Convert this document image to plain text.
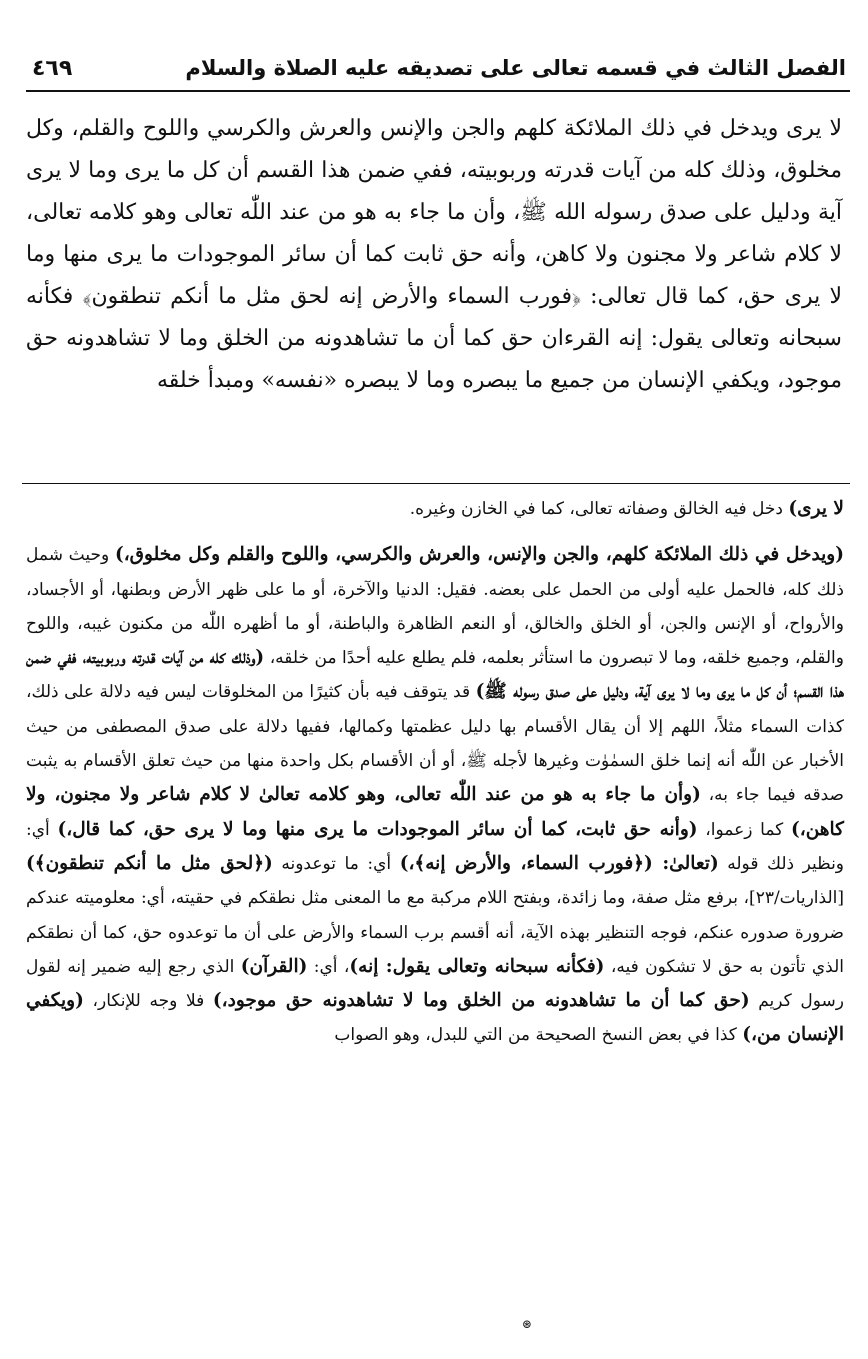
الفصل الثالث في قسمه تعالى على تصديقه عليه الصلاة والسلام
٤٦٩

لا يرى ويدخل في ذلك الملائكة كلهم والجن والإنس والعرش والكرسي واللوح والقلم، وكل مخلوق، وذلك كله من آيات قدرته وربوبيته، ففي ضمن هذا القسم أن كل ما يرى وما لا يرى آية ودليل على صدق رسوله الله ﷺ، وأن ما جاء به هو من عند اللّٰه تعالى وهو كلامه تعالى، لا كلام شاعر ولا مجنون ولا كاهن، وأنه حق ثابت كما أن سائر الموجودات ما يرى منها وما لا يرى حق، كما قال تعالى: ﴿فورب السماء والأرض إنه لحق مثل ما أنكم تنطقون﴾ فكأنه سبحانه وتعالى يقول: إنه القرءان حق كما أن ما تشاهدونه من الخلق وما لا تشاهدونه حق موجود، ويكفي الإنسان من جميع ما يبصره وما لا يبصره «نفسه» ومبدأ خلقه

لا يرى) دخل فيه الخالق وصفاته تعالى، كما في الخازن وغيره.

(ويدخل في ذلك الملائكة كلهم، والجن والإنس، والعرش والكرسي، واللوح والقلم وكل مخلوق،) وحيث شمل ذلك كله، فالحمل عليه أولى من الحمل على بعضه. فقيل: الدنيا والآخرة، أو ما على ظهر الأرض وبطنها، أو الأجساد، والأرواح، أو الإنس والجن، أو الخلق والخالق، أو النعم الظاهرة والباطنة، أو ما أظهره اللّٰه من مكنون غيبه، واللوح والقلم، وجميع خلقه، وما لا تبصرون ما استأثر بعلمه، فلم يطلع عليه أحدًا من خلقه، (وذلك كله من آيات قدرته وربوبيته، ففي ضمن هذا القسم؛ أن كل ما يرى وما لا يرى آية، ودليل على صدق رسوله ﷺ) قد يتوقف فيه بأن كثيرًا من المخلوقات ليس فيه دلالة على ذلك، كذات السماء مثلاً، اللهم إلا أن يقال الأقسام بها دليل عظمتها وكمالها، ففيها دلالة على صدق المصطفى من حيث الأخبار عن اللّٰه أنه إنما خلق السمٰوٰت وغيرها لأجله ﷺ، أو أن الأقسام بكل واحدة منها من حيث تعلق الأقسام به يثبت صدقه فيما جاء به، (وأن ما جاء به هو من عند اللّٰه تعالى، وهو كلامه تعالىٰ لا كلام شاعر ولا مجنون، ولا كاهن،) كما زعموا، (وأنه حق ثابت، كما أن سائر الموجودات ما يرى منها وما لا يرى حق، كما قال،) أي: ونظير ذلك قوله (تعالىٰ: (﴿فورب السماء، والأرض إنه﴾،) أي: ما توعدونه (﴿لحق مثل ما أنكم تنطقون﴾) [الذاريات/٢٣]، برفع مثل صفة، وما زائدة، وبفتح اللام مركبة مع ما المعنى مثل نطقكم في حقيته، أي: معلوميته عندكم ضرورة صدوره عنكم، فوجه التنظير بهذه الآية، أنه أقسم برب السماء والأرض على أن ما توعدوه حق، كما أن نطقكم الذي تأتون به حق لا تشكون فيه، (فكأنه سبحانه وتعالى يقول: إنه)، أي: (القرآن) الذي رجع إليه ضمير إنه لقول رسول كريم (حق كما أن ما تشاهدونه من الخلق وما لا تشاهدونه حق موجود،) فلا وجه للإنكار، (ويكفي الإنسان من،) كذا في بعض النسخ الصحيحة من التي للبدل، وهو الصواب

⊛
